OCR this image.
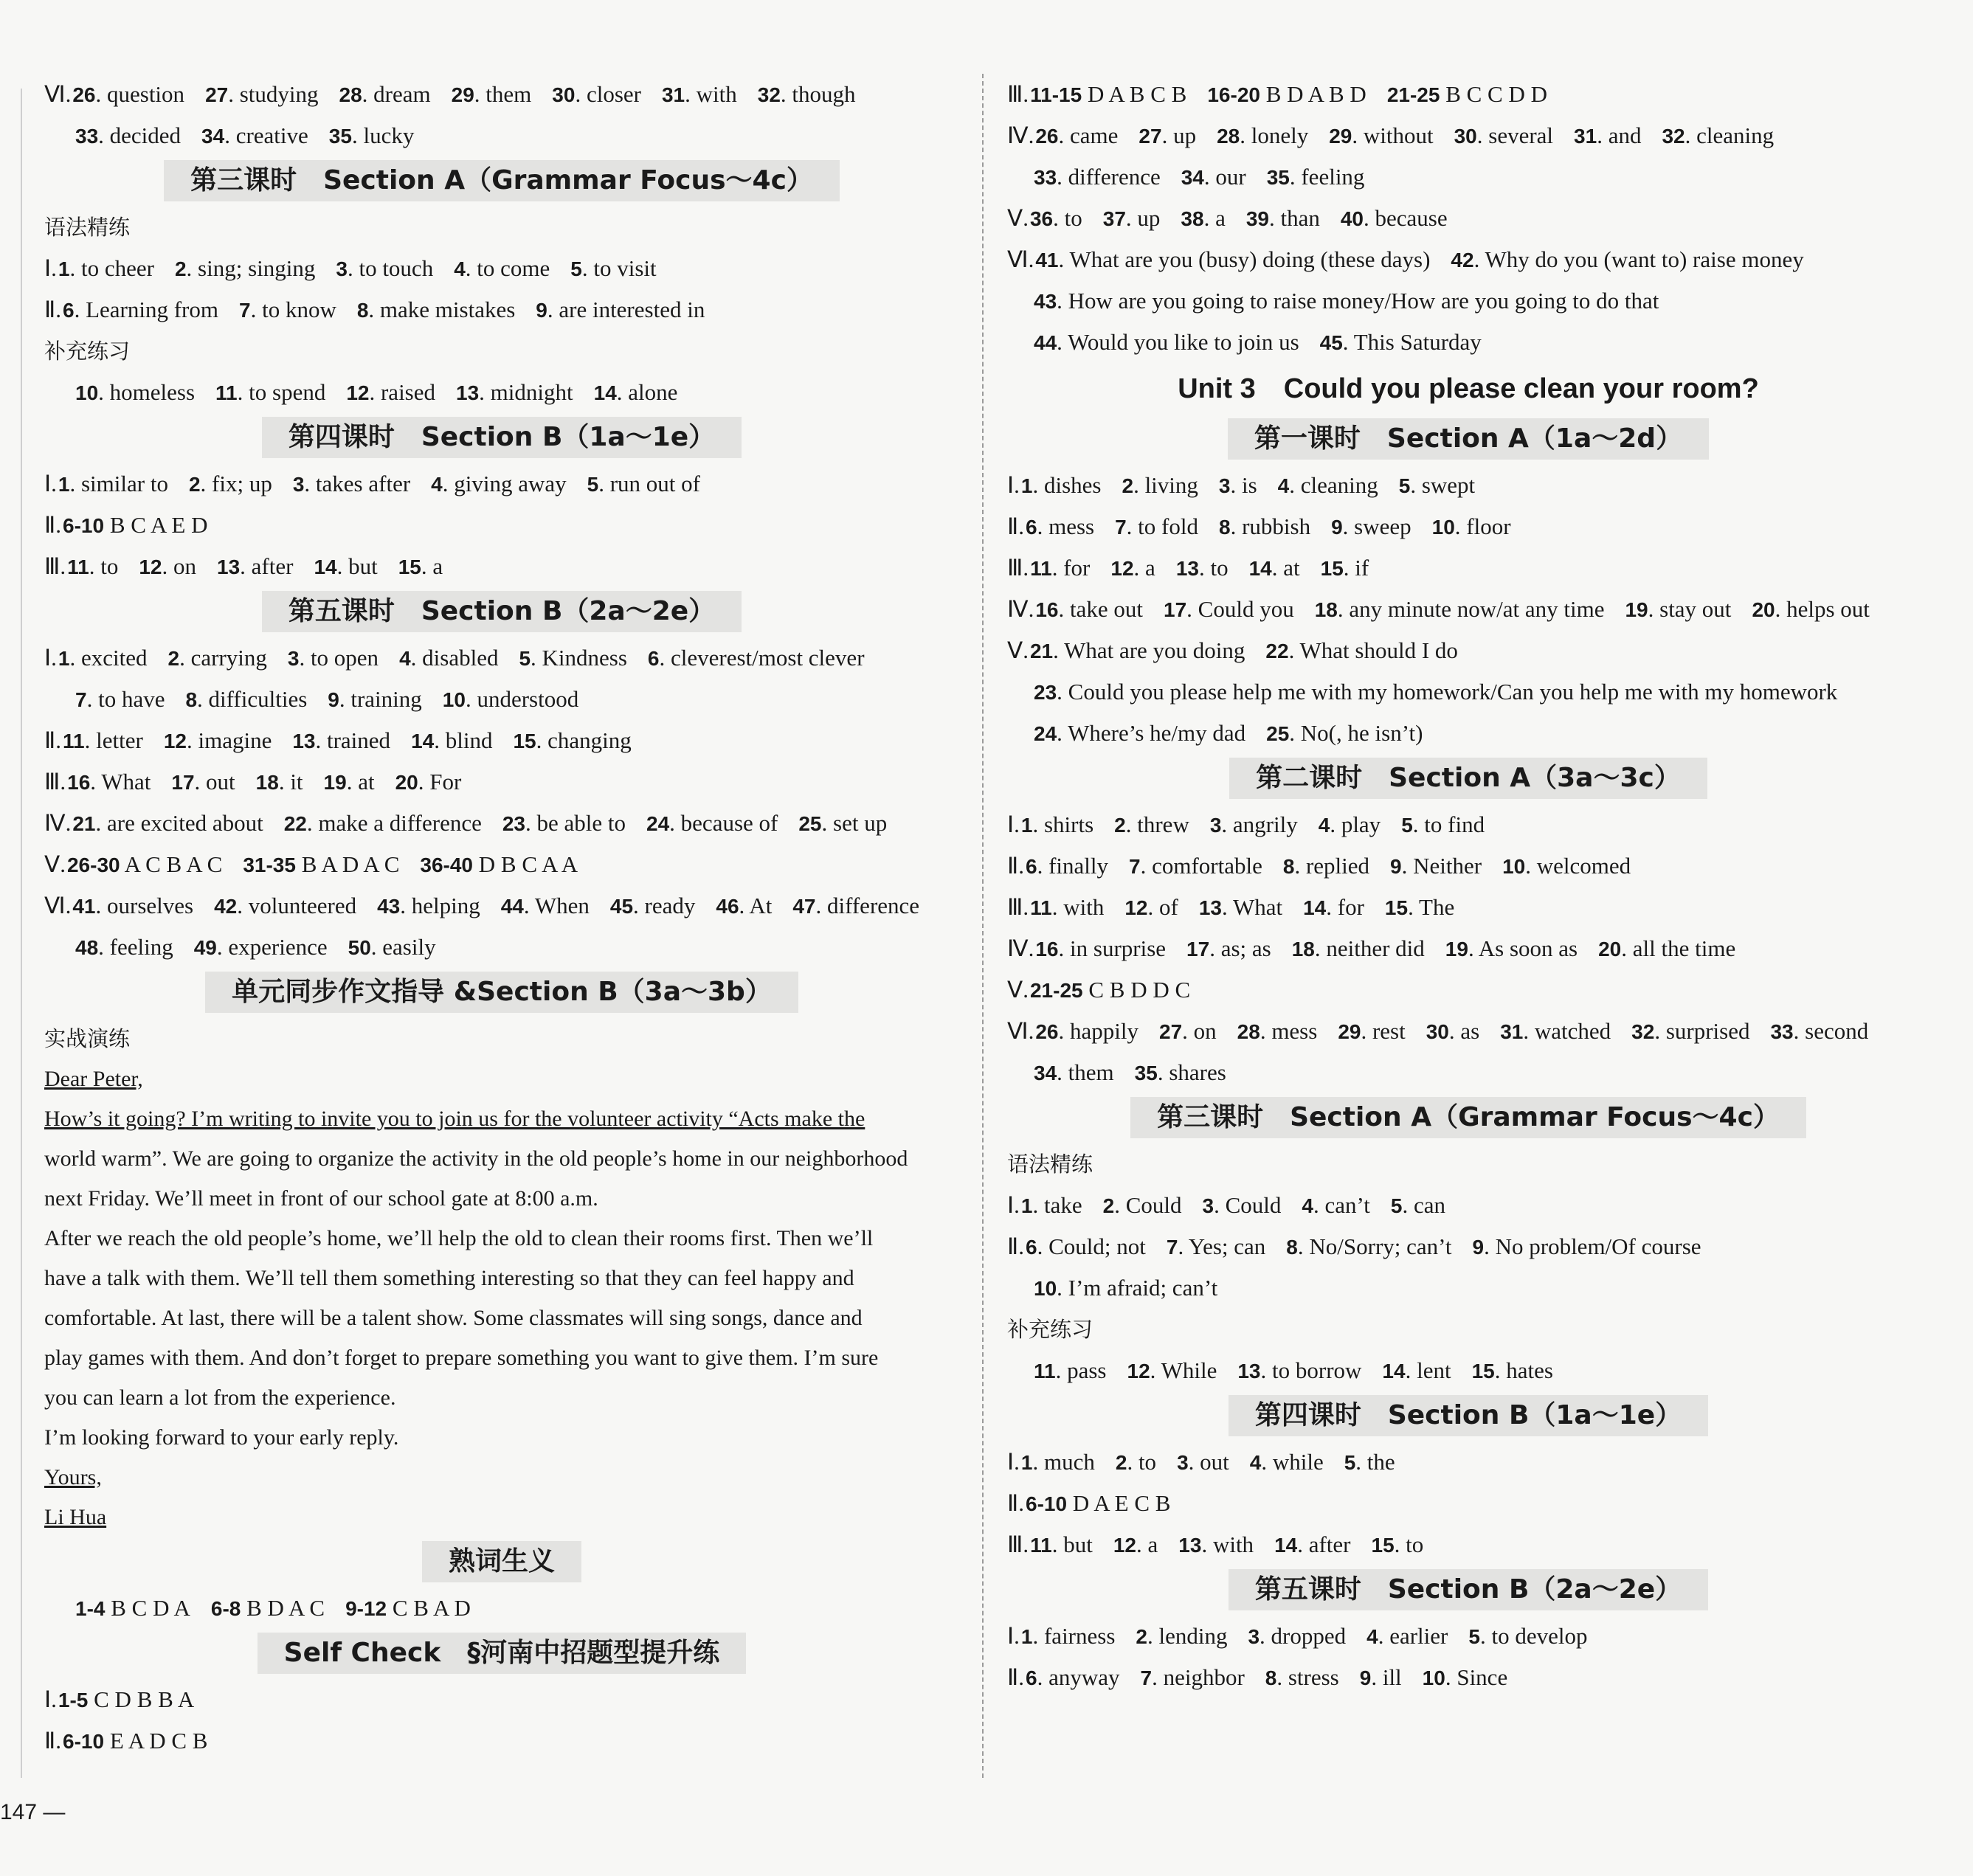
Ⅵ.26. question 27. studying 28. dream 29. them 30. closer 31. with 32. though
33. decided 34. creative 35. lucky
第三课时　Section A（Grammar Focus～4c）
语法精练
Ⅰ.1. to cheer 2. sing; singing 3. to touch 4. to come 5. to visit
Ⅱ.6. Learning from 7. to know 8. make mistakes 9. are interested in
补充练习
10. homeless 11. to spend 12. raised 13. midnight 14. alone
第四课时　Section B（1a～1e）
Ⅰ.1. similar to 2. fix; up 3. takes after 4. giving away 5. run out of
Ⅱ.6-10 B C A E D
Ⅲ.11. to 12. on 13. after 14. but 15. a
第五课时　Section B（2a～2e）
Ⅰ.1. excited 2. carrying 3. to open 4. disabled 5. Kindness 6. cleverest/most clever
7. to have 8. difficulties 9. training 10. understood
Ⅱ.11. letter 12. imagine 13. trained 14. blind 15. changing
Ⅲ.16. What 17. out 18. it 19. at 20. For
Ⅳ.21. are excited about 22. make a difference 23. be able to 24. because of 25. set up
Ⅴ.26-30 A C B A C 31-35 B A D A C 36-40 D B C A A
Ⅵ.41. ourselves 42. volunteered 43. helping 44. When 45. ready 46. At 47. difference
48. feeling 49. experience 50. easily
单元同步作文指导 &Section B（3a～3b）
实战演练
Dear Peter,
How’s it going? I’m writing to invite you to join us for the volunteer activity “Acts make the
world warm”. We are going to organize the activity in the old people’s home in our neighborhood
next Friday. We’ll meet in front of our school gate at 8:00 a.m.
After we reach the old people’s home, we’ll help the old to clean their rooms first. Then we’ll
have a talk with them. We’ll tell them something interesting so that they can feel happy and
comfortable. At last, there will be a talent show. Some classmates will sing songs, dance and
play games with them. And don’t forget to prepare something you want to give them. I’m sure
you can learn a lot from the experience.
I’m looking forward to your early reply.
Yours,
Li Hua
熟词生义
1-4 B C D A 6-8 B D A C 9-12 C B A D
Self Check　§河南中招题型提升练
Ⅰ.1-5 C D B B A
Ⅱ.6-10 E A D C B
Ⅲ.11-15 D A B C B 16-20 B D A B D 21-25 B C C D D
Ⅳ.26. came 27. up 28. lonely 29. without 30. several 31. and 32. cleaning
33. difference 34. our 35. feeling
Ⅴ.36. to 37. up 38. a 39. than 40. because
Ⅵ.41. What are you (busy) doing (these days) 42. Why do you (want to) raise money
43. How are you going to raise money/How are you going to do that
44. Would you like to join us 45. This Saturday
Unit 3　Could you please clean your room?
第一课时　Section A（1a～2d）
Ⅰ.1. dishes 2. living 3. is 4. cleaning 5. swept
Ⅱ.6. mess 7. to fold 8. rubbish 9. sweep 10. floor
Ⅲ.11. for 12. a 13. to 14. at 15. if
Ⅳ.16. take out 17. Could you 18. any minute now/at any time 19. stay out 20. helps out
Ⅴ.21. What are you doing 22. What should I do
23. Could you please help me with my homework/Can you help me with my homework
24. Where’s he/my dad 25. No(, he isn’t)
第二课时　Section A（3a～3c）
Ⅰ.1. shirts 2. threw 3. angrily 4. play 5. to find
Ⅱ.6. finally 7. comfortable 8. replied 9. Neither 10. welcomed
Ⅲ.11. with 12. of 13. What 14. for 15. The
Ⅳ.16. in surprise 17. as; as 18. neither did 19. As soon as 20. all the time
Ⅴ.21-25 C B D D C
Ⅵ.26. happily 27. on 28. mess 29. rest 30. as 31. watched 32. surprised 33. second
34. them 35. shares
第三课时　Section A（Grammar Focus～4c）
语法精练
Ⅰ.1. take 2. Could 3. Could 4. can’t 5. can
Ⅱ.6. Could; not 7. Yes; can 8. No/Sorry; can’t 9. No problem/Of course
10. I’m afraid; can’t
补充练习
11. pass 12. While 13. to borrow 14. lent 15. hates
第四课时　Section B（1a～1e）
Ⅰ.1. much 2. to 3. out 4. while 5. the
Ⅱ.6-10 D A E C B
Ⅲ.11. but 12. a 13. with 14. after 15. to
第五课时　Section B（2a～2e）
Ⅰ.1. fairness 2. lending 3. dropped 4. earlier 5. to develop
Ⅱ.6. anyway 7. neighbor 8. stress 9. ill 10. Since
147 —
